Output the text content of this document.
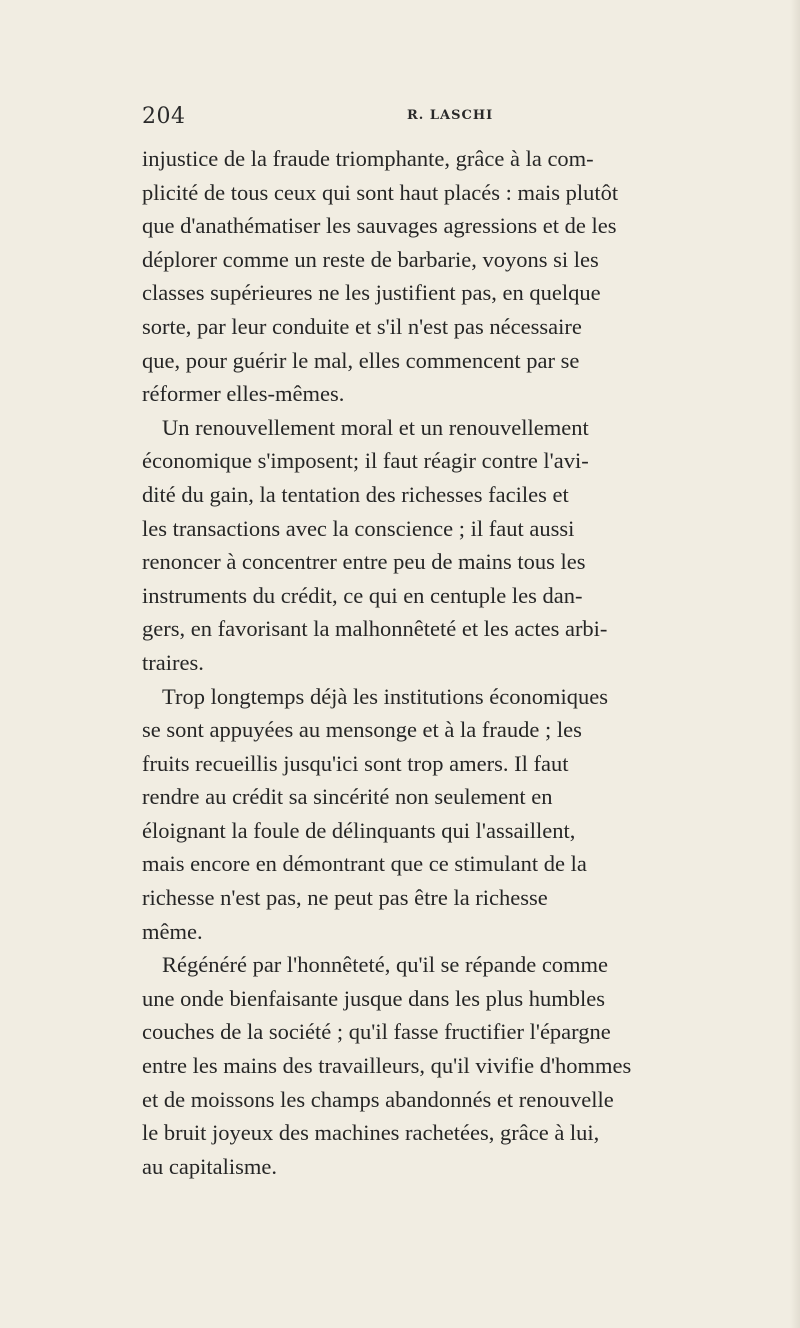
204	R. LASCHI
injustice de la fraude triomphante, grâce à la com-
plicité de tous ceux qui sont haut placés : mais plutôt
que d'anathématiser les sauvages agressions et de les
déplorer comme un reste de barbarie, voyons si les
classes supérieures ne les justifient pas, en quelque
sorte, par leur conduite et s'il n'est pas nécessaire
que, pour guérir le mal, elles commencent par se
réformer elles-mêmes.
Un renouvellement moral et un renouvellement
économique s'imposent; il faut réagir contre l'avi-
dité du gain, la tentation des richesses faciles et
les transactions avec la conscience ; il faut aussi
renoncer à concentrer entre peu de mains tous les
instruments du crédit, ce qui en centuple les dan-
gers, en favorisant la malhonnêteté et les actes arbi-
traires.
Trop longtemps déjà les institutions économiques
se sont appuyées au mensonge et à la fraude ; les
fruits recueillis jusqu'ici sont trop amers. Il faut
rendre au crédit sa sincérité non seulement en
éloignant la foule de délinquants qui l'assaillent,
mais encore en démontrant que ce stimulant de la
richesse n'est pas, ne peut pas être la richesse
même.
Régénéré par l'honnêteté, qu'il se répande comme
une onde bienfaisante jusque dans les plus humbles
couches de la société ; qu'il fasse fructifier l'épargne
entre les mains des travailleurs, qu'il vivifie d'hommes
et de moissons les champs abandonnés et renouvelle
le bruit joyeux des machines rachetées, grâce à lui,
au capitalisme.
